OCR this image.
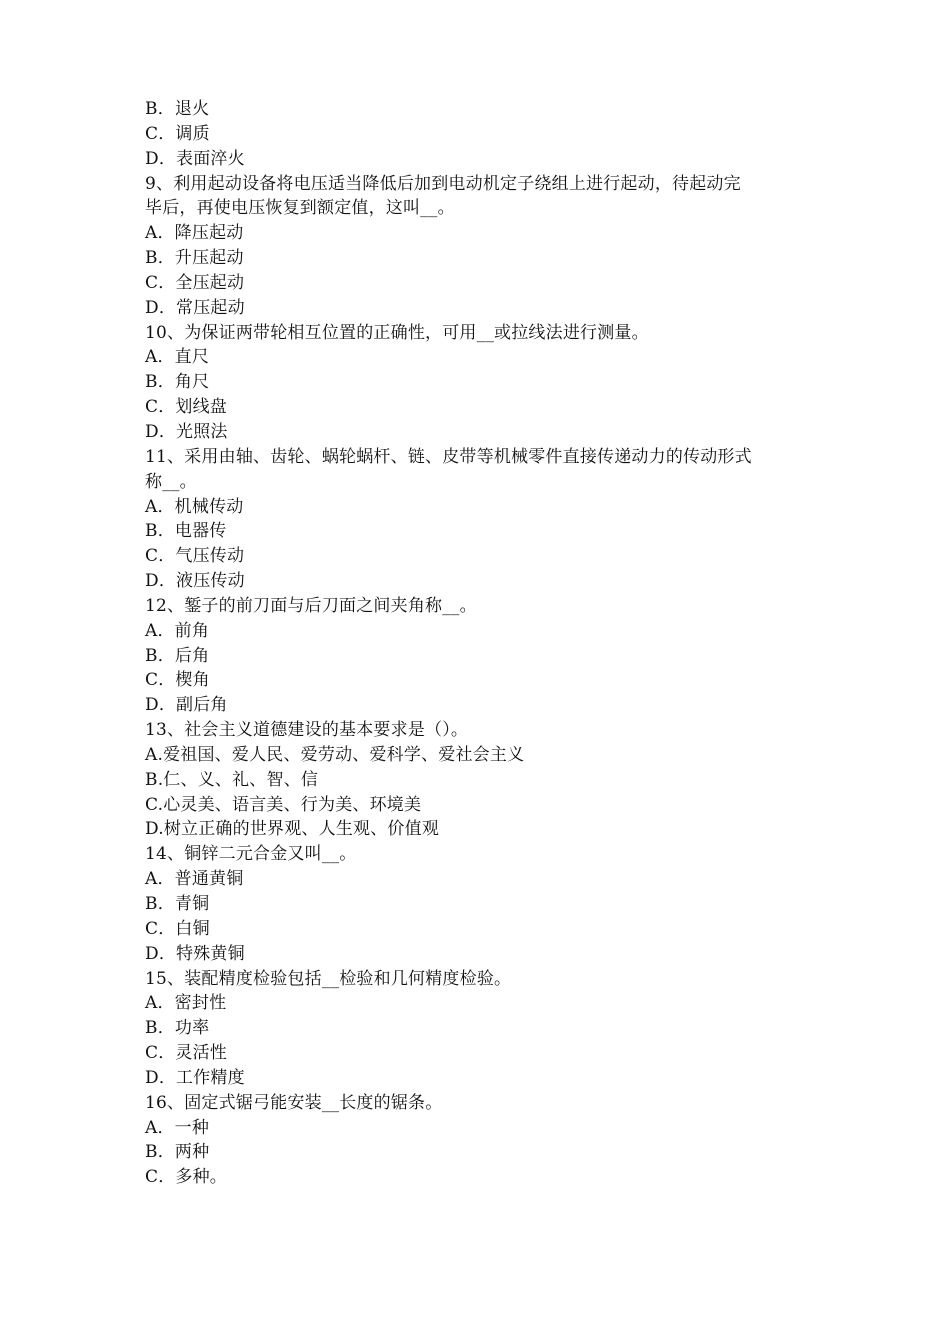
B．退火
C．调质
D．表面淬火
9、利用起动设备将电压适当降低后加到电动机定子绕组上进行起动，待起动完
毕后，再使电压恢复到额定值，这叫__。
A．降压起动
B．升压起动
C．全压起动
D．常压起动
10、为保证两带轮相互位置的正确性，可用__或拉线法进行测量。
A．直尺
B．角尺
C．划线盘
D．光照法
11、采用由轴、齿轮、蜗轮蜗杆、链、皮带等机械零件直接传递动力的传动形式
称__。
A．机械传动
B．电器传
C．气压传动
D．液压传动
12、錾子的前刀面与后刀面之间夹角称__。
A．前角
B．后角
C．楔角
D．副后角
13、社会主义道德建设的基本要求是（）。
A.爱祖国、爱人民、爱劳动、爱科学、爱社会主义
B.仁、义、礼、智、信
C.心灵美、语言美、行为美、环境美
D.树立正确的世界观、人生观、价值观
14、铜锌二元合金又叫__。
A．普通黄铜
B．青铜
C．白铜
D．特殊黄铜
15、装配精度检验包括__检验和几何精度检验。
A．密封性
B．功率
C．灵活性
D．工作精度
16、固定式锯弓能安装__长度的锯条。
A．一种
B．两种
C．多种。
